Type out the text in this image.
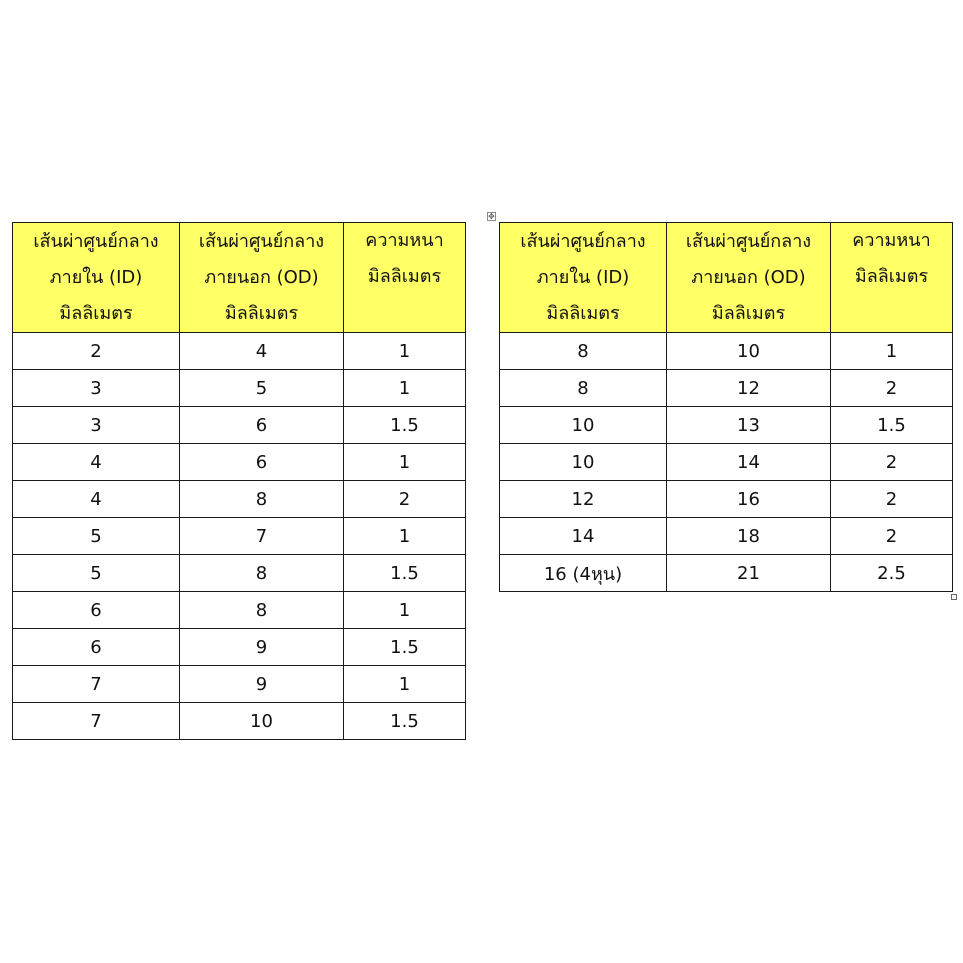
เส้นผ่าศูนย์กลาง
ภายใน (ID)
มิลลิเมตร	เส้นผ่าศูนย์กลาง
ภายนอก (OD)
มิลลิเมตร	ความหนา
มิลลิเมตร

2	4	1
3	5	1
3	6	1.5
4	6	1
4	8	2
5	7	1
5	8	1.5
6	8	1
6	9	1.5
7	9	1
7	10	1.5
✥
เส้นผ่าศูนย์กลาง
ภายใน (ID)
มิลลิเมตร	เส้นผ่าศูนย์กลาง
ภายนอก (OD)
มิลลิเมตร	ความหนา
มิลลิเมตร

8	10	1
8	12	2
10	13	1.5
10	14	2
12	16	2
14	18	2
16 (4หุน)	21	2.5
